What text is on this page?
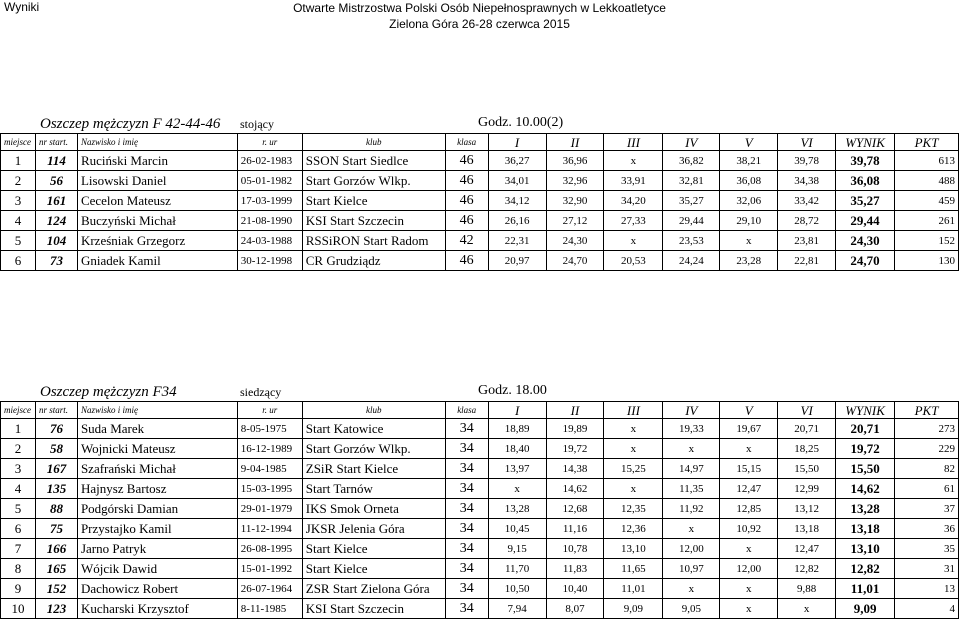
Wyniki	Otwarte Mistrzostwa Polski Osób Niepełnosprawnych w Lekkoatletyce
Zielona Góra 26-28 czerwca 2015
Oszczep mężczyzn F 42-44-46 stojący	Godz. 10.00(2)
miejsce	nr start.	Nazwisko i imię	r. ur	klub	klasa	I	II	III	IV	V	VI	WYNIK	PKT
1	114	Ruciński Marcin	26-02-1983	SSON Start Siedlce	46	36,27	36,96	x	36,82	38,21	39,78	39,78	613
2	56	Lisowski Daniel	05-01-1982	Start Gorzów Wlkp.	46	34,01	32,96	33,91	32,81	36,08	34,38	36,08	488
3	161	Cecelon Mateusz	17-03-1999	Start Kielce	46	34,12	32,90	34,20	35,27	32,06	33,42	35,27	459
4	124	Buczyński Michał	21-08-1990	KSI Start Szczecin	46	26,16	27,12	27,33	29,44	29,10	28,72	29,44	261
5	104	Krześniak Grzegorz	24-03-1988	RSSiRON Start Radom	42	22,31	24,30	x	23,53	x	23,81	24,30	152
6	73	Gniadek Kamil	30-12-1998	CR Grudziądz	46	20,97	24,70	20,53	24,24	23,28	22,81	24,70	130
Oszczep mężczyzn F34	siedzący	Godz. 18.00
miejsce	nr start.	Nazwisko i imię	r. ur	klub	klasa	I	II	III	IV	V	VI	WYNIK	PKT
1	76	Suda Marek	8-05-1975	Start Katowice	34	18,89	19,89	x	19,33	19,67	20,71	20,71	273
2	58	Wojnicki Mateusz	16-12-1989	Start Gorzów Wlkp.	34	18,40	19,72	x	x	x	18,25	19,72	229
3	167	Szafrański Michał	9-04-1985	ZSiR Start Kielce	34	13,97	14,38	15,25	14,97	15,15	15,50	15,50	82
4	135	Hajnysz Bartosz	15-03-1995	Start Tarnów	34	x	14,62	x	11,35	12,47	12,99	14,62	61
5	88	Podgórski Damian	29-01-1979	IKS Smok Orneta	34	13,28	12,68	12,35	11,92	12,85	13,12	13,28	37
6	75	Przystajko Kamil	11-12-1994	JKSR Jelenia Góra	34	10,45	11,16	12,36	x	10,92	13,18	13,18	36
7	166	Jarno Patryk	26-08-1995	Start Kielce	34	9,15	10,78	13,10	12,00	x	12,47	13,10	35
8	165	Wójcik Dawid	15-01-1992	Start Kielce	34	11,70	11,83	11,65	10,97	12,00	12,82	12,82	31
9	152	Dachowicz Robert	26-07-1964	ZSR Start Zielona Góra	34	10,50	10,40	11,01	x	x	9,88	11,01	13
10	123	Kucharski Krzysztof	8-11-1985	KSI Start Szczecin	34	7,94	8,07	9,09	9,05	x	x	9,09	4
